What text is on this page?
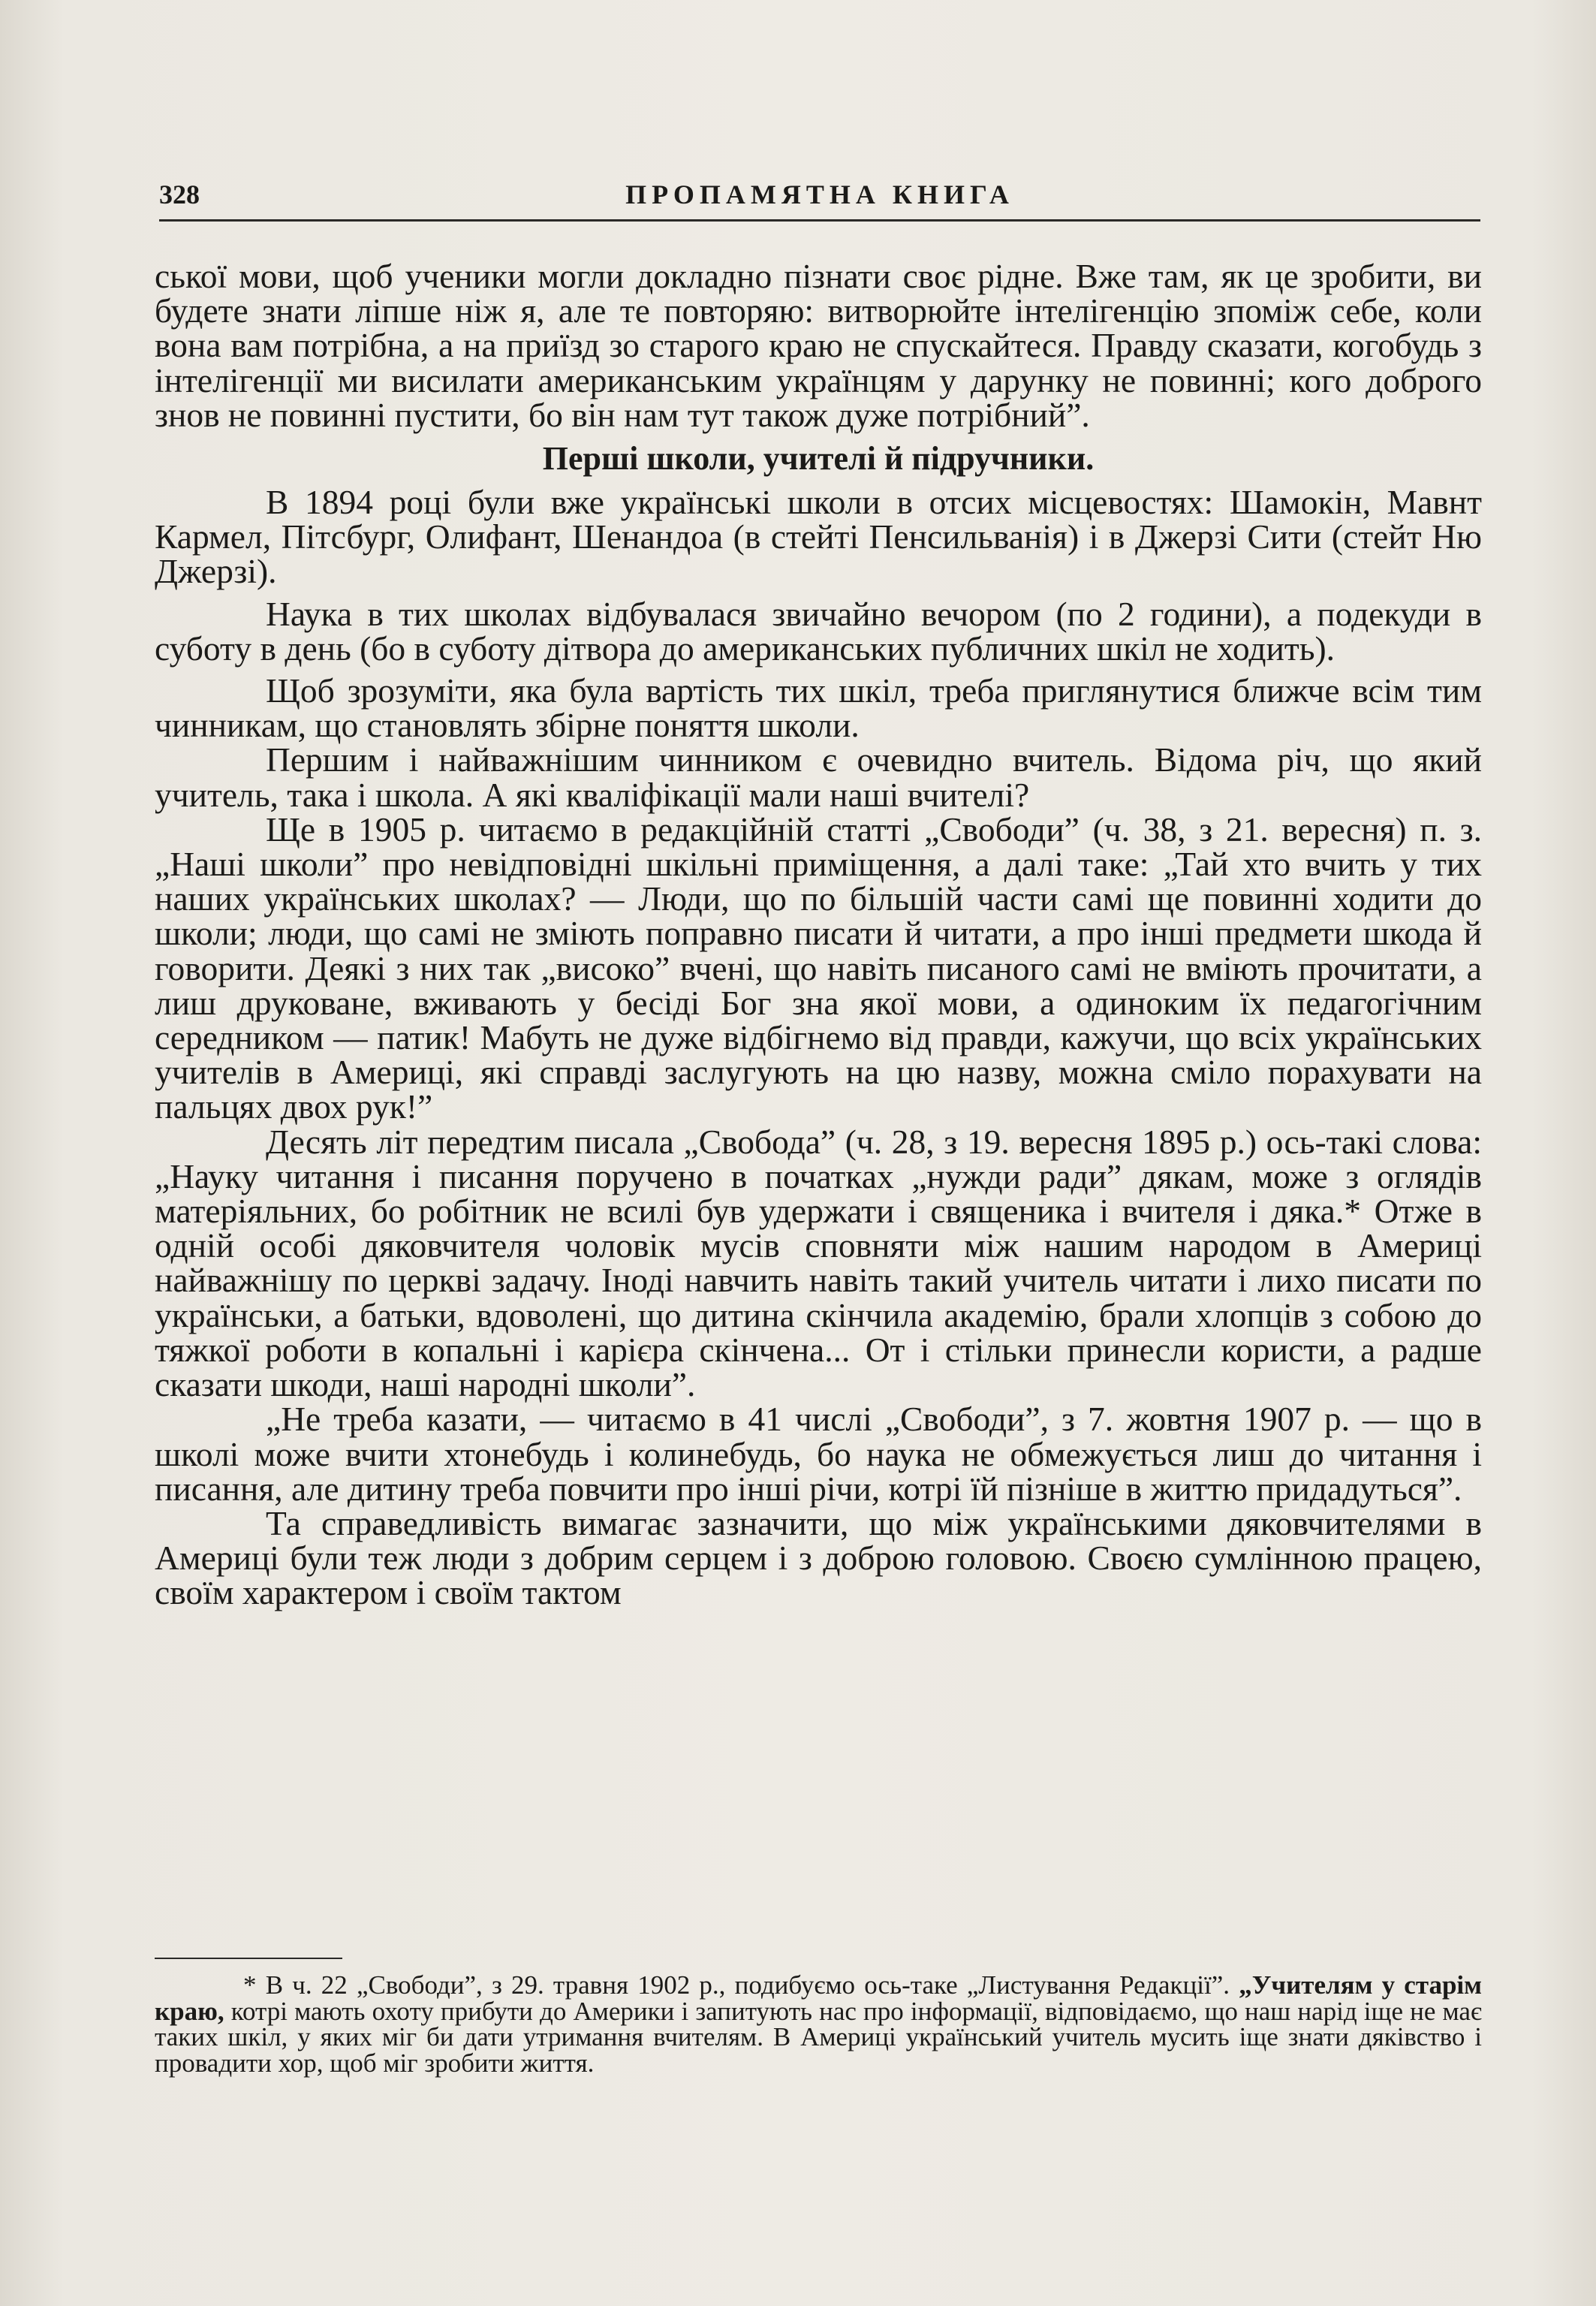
328	ПРОПАМЯТНА КНИГА

ської мови, щоб ученики могли докладно пізнати своє рідне. Вже там, як це зробити, ви будете знати ліпше ніж я, але те повторяю: витворюйте інтелігенцію зпоміж себе, коли вона вам потрібна, а на приїзд зо старого краю не спускайтеся. Правду сказати, когобудь з інтелігенції ми висилати американським українцям у дарунку не повинні; кого доброго знов не повинні пустити, бо він нам тут також дуже потрібний”.

Перші школи, учителі й підручники.

В 1894 році були вже українські школи в отсих місцевостях: Шамокін, Мавнт Кармел, Пітсбург, Олифант, Шенандоа (в стейті Пенсильванія) і в Джерзі Сити (стейт Ню Джерзі).

Наука в тих школах відбувалася звичайно вечором (по 2 години), а подекуди в суботу в день (бо в суботу дітвора до американських публичних шкіл не ходить).

Щоб зрозуміти, яка була вартість тих шкіл, треба приглянутися ближче всім тим чинникам, що становлять збірне поняття школи.

Першим і найважнішим чинником є очевидно вчитель. Відома річ, що який учитель, така і школа. А які кваліфікації мали наші вчителі?

Ще в 1905 р. читаємо в редакційній статті „Свободи” (ч. 38, з 21. вересня) п. з. „Наші школи” про невідповідні шкільні приміщення, а далі таке: „Тай хто вчить у тих наших українських школах? — Люди, що по більшій части самі ще повинні ходити до школи; люди, що самі не зміють поправно писати й читати, а про інші предмети шкода й говорити. Деякі з них так „високо” вчені, що навіть писаного самі не вміють прочитати, а лиш друковане, вживають у бесіді Бог зна якої мови, а одиноким їх педагогічним середником — патик! Мабуть не дуже відбігнемо від правди, кажучи, що всіх українських учителів в Америці, які справді заслугують на цю назву, можна сміло порахувати на пальцях двох рук!”

Десять літ передтим писала „Свобода” (ч. 28, з 19. вересня 1895 р.) ось-такі слова: „Науку читання і писання поручено в початках „нужди ради” дякам, може з оглядів матеріяльних, бо робітник не всилі був удержати і священика і вчителя і дяка.* Отже в одній особі дяковчителя чоловік мусів сповняти між нашим народом в Америці найважнішу по церкві задачу. Іноді навчить навіть такий учитель читати і лихо писати по українськи, а батьки, вдоволені, що дитина скінчила академію, брали хлопців з собою до тяжкої роботи в копальні і карієра скінчена... От і стільки принесли користи, а радше сказати шкоди, наші народні школи”.

„Не треба казати, — читаємо в 41 числі „Свободи”, з 7. жовтня 1907 р. — що в школі може вчити хтонебудь і колинебудь, бо наука не обмежується лиш до читання і писання, але дитину треба повчити про інші річи, котрі їй пізніше в життю придадуться”.

Та справедливість вимагає зазначити, що між українськими дяковчителями в Америці були теж люди з добрим серцем і з доброю головою. Своєю сумлінною працею, своїм характером і своїм тактом

* В ч. 22 „Свободи”, з 29. травня 1902 р., подибуємо ось-таке „Листування Редакції”. „Учителям у старім краю, котрі мають охоту прибути до Америки і запитують нас про інформації, відповідаємо, що наш нарід іще не має таких шкіл, у яких міг би дати утримання вчителям. В Америці український учитель мусить іще знати дяківство і провадити хор, щоб міг зробити життя.
